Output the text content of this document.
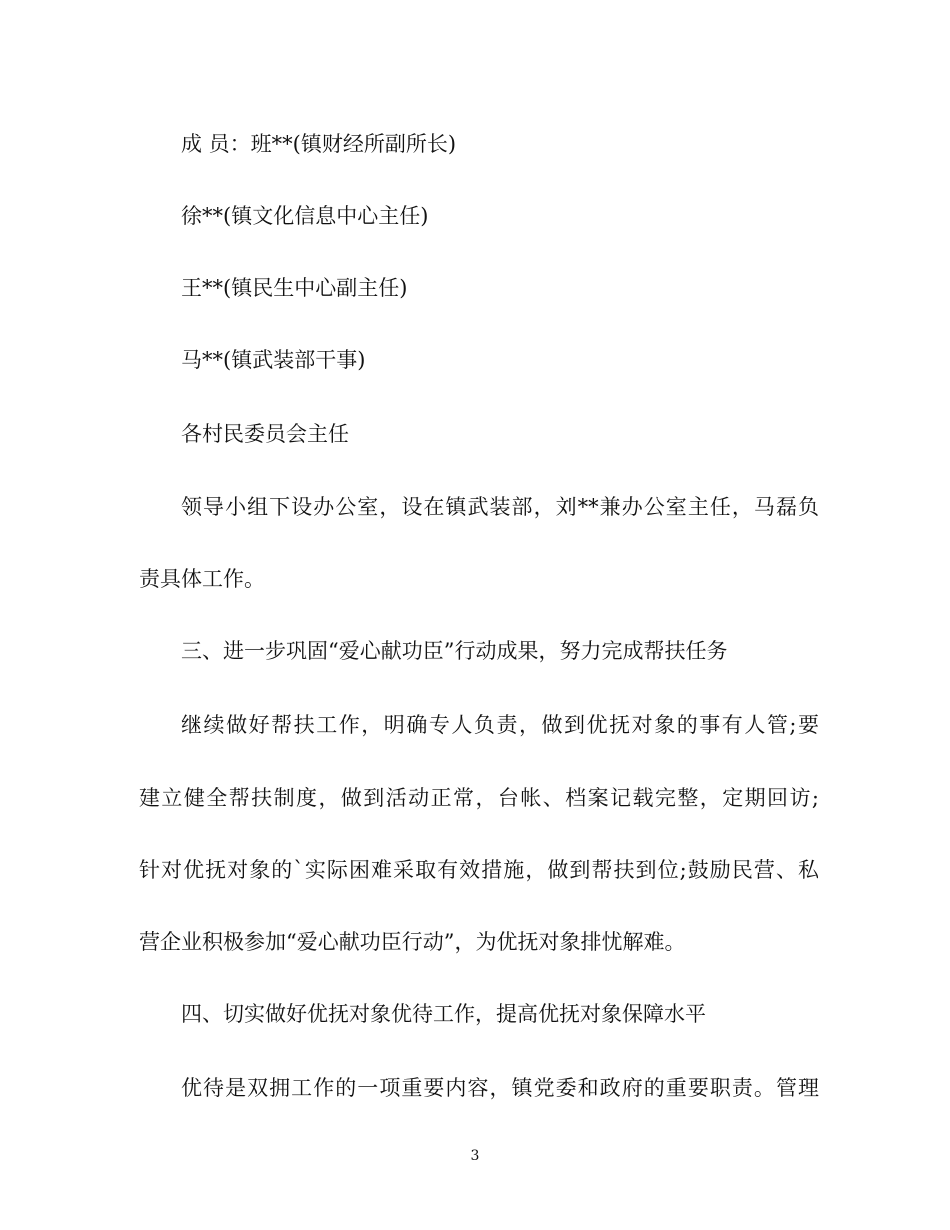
成 员：班**(镇财经所副所长)
徐**(镇文化信息中心主任)
王**(镇民生中心副主任)
马**(镇武装部干事)
各村民委员会主任
领导小组下设办公室，设在镇武装部，刘**兼办公室主任，马磊负
责具体工作。
三、进一步巩固“爱心献功臣”行动成果，努力完成帮扶任务
继续做好帮扶工作，明确专人负责，做到优抚对象的事有人管;要
建立健全帮扶制度，做到活动正常，台帐、档案记载完整，定期回访;
针对优抚对象的`实际困难采取有效措施，做到帮扶到位;鼓励民营、私
营企业积极参加“爱心献功臣行动”，为优抚对象排忧解难。
四、切实做好优抚对象优待工作，提高优抚对象保障水平
优待是双拥工作的一项重要内容，镇党委和政府的重要职责。管理
3
